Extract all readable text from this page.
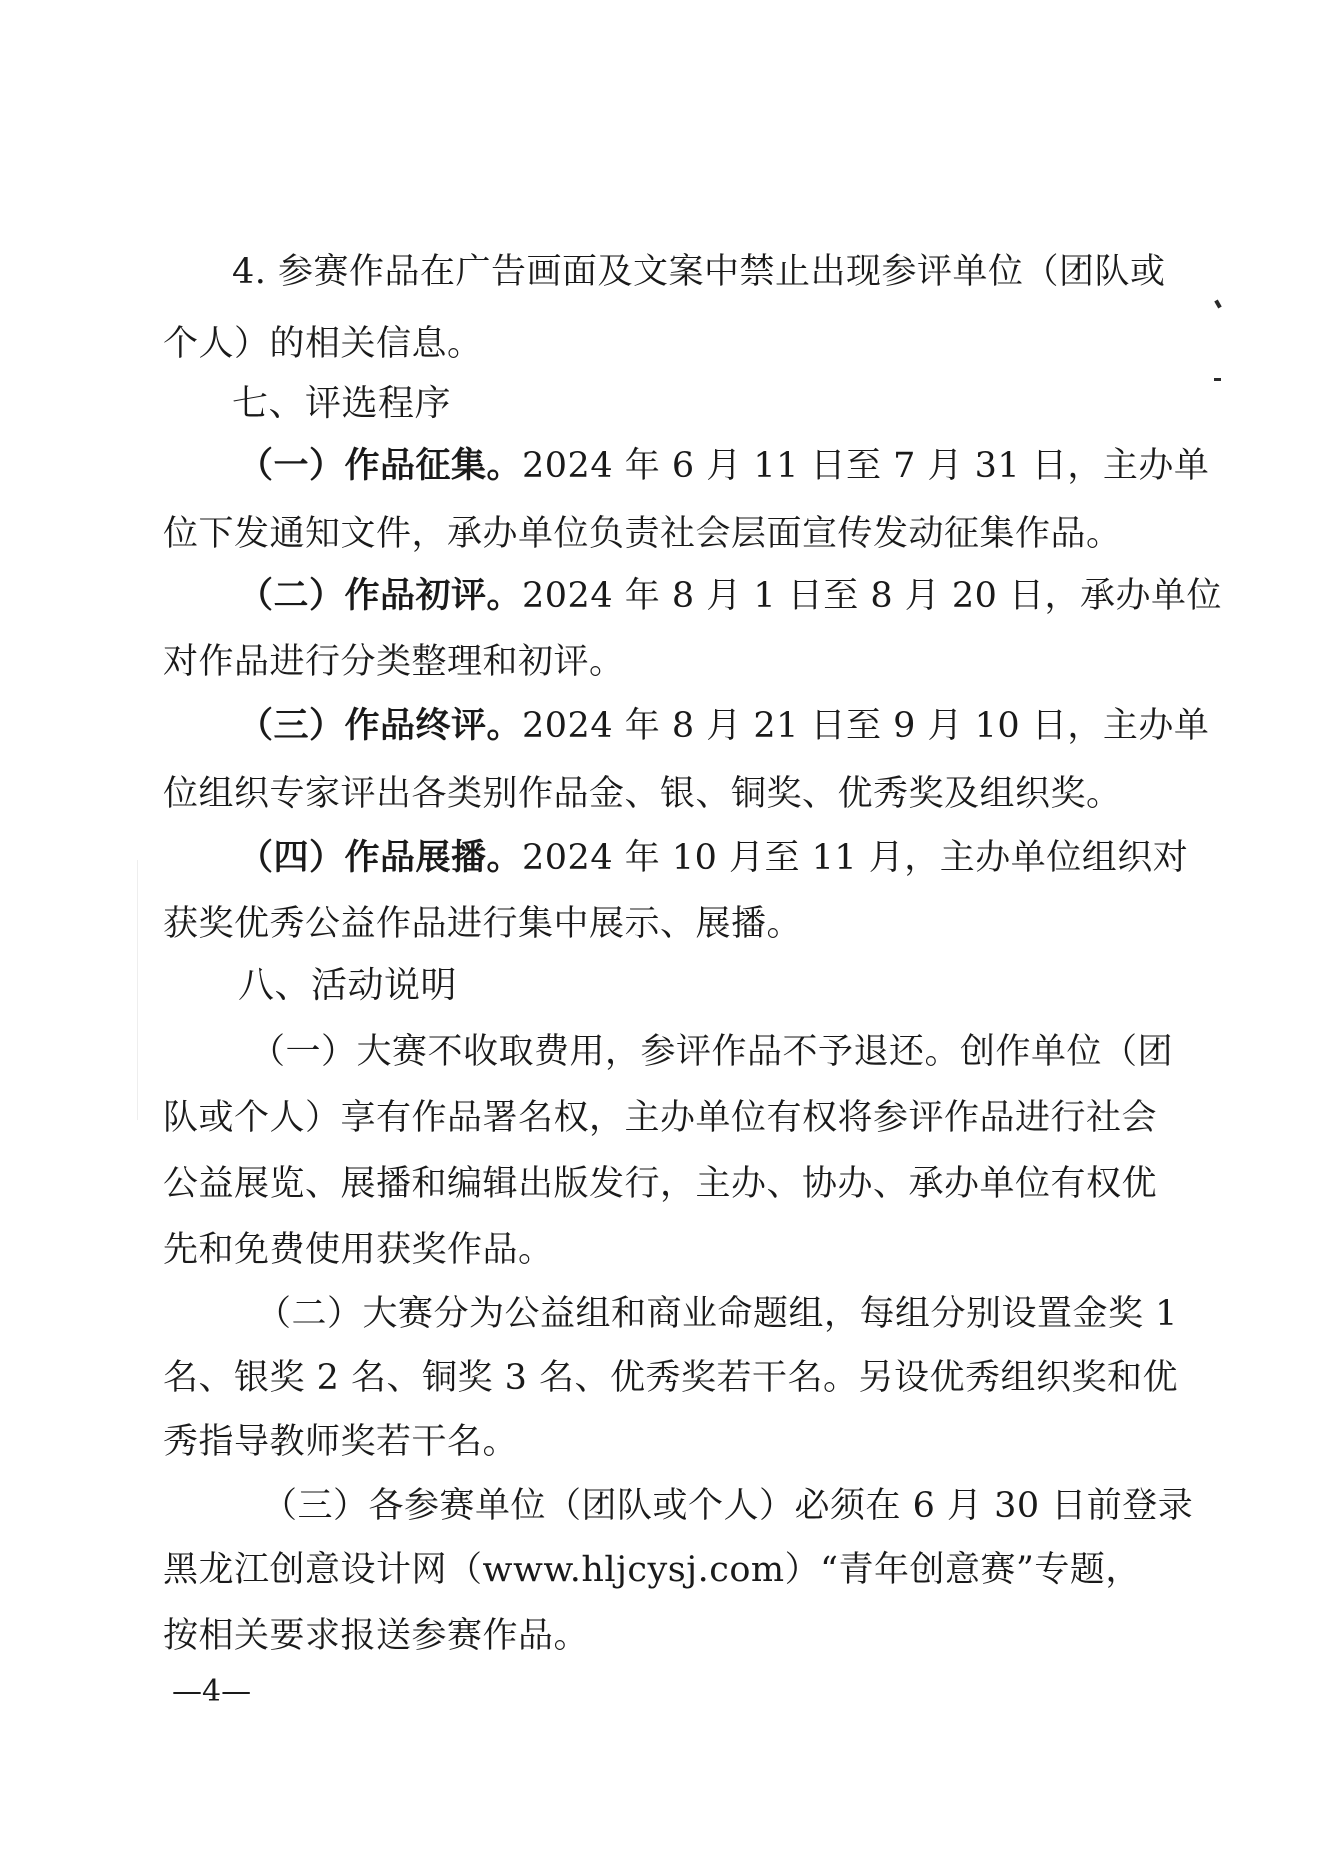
4. 参赛作品在广告画面及文案中禁止出现参评单位（团队或
个人）的相关信息。
七、评选程序
（一）作品征集。2024 年 6 月 11 日至 7 月 31 日，主办单
位下发通知文件，承办单位负责社会层面宣传发动征集作品。
（二）作品初评。2024 年 8 月 1 日至 8 月 20 日，承办单位
对作品进行分类整理和初评。
（三）作品终评。2024 年 8 月 21 日至 9 月 10 日，主办单
位组织专家评出各类别作品金、银、铜奖、优秀奖及组织奖。
（四）作品展播。2024 年 10 月至 11 月，主办单位组织对
获奖优秀公益作品进行集中展示、展播。
八、活动说明
（一）大赛不收取费用，参评作品不予退还。创作单位（团
队或个人）享有作品署名权，主办单位有权将参评作品进行社会
公益展览、展播和编辑出版发行，主办、协办、承办单位有权优
先和免费使用获奖作品。
（二）大赛分为公益组和商业命题组，每组分别设置金奖 1
名、银奖 2 名、铜奖 3 名、优秀奖若干名。另设优秀组织奖和优
秀指导教师奖若干名。
（三）各参赛单位（团队或个人）必须在 6 月 30 日前登录
黑龙江创意设计网（www.hljcysj.com）“青年创意赛”专题，
按相关要求报送参赛作品。
—4—
